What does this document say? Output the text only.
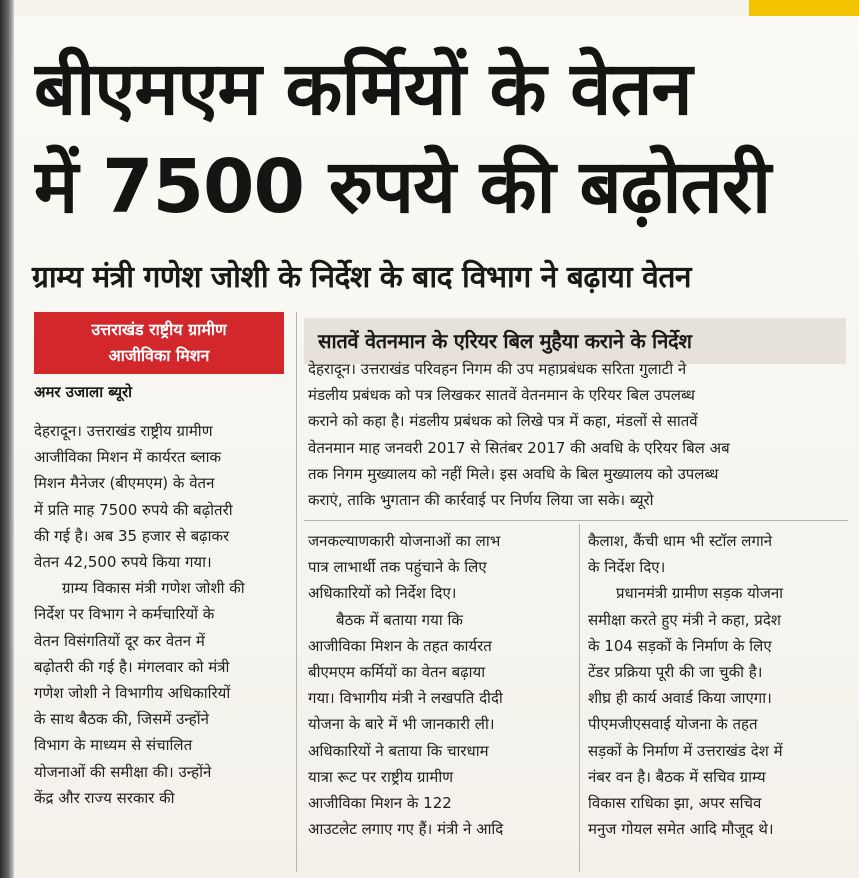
बीएमएम कर्मियों के वेतन
में 7500 रुपये की बढ़ोतरी
ग्राम्य मंत्री गणेश जोशी के निर्देश के बाद विभाग ने बढ़ाया वेतन
उत्तराखंड राष्ट्रीय ग्रामीण
आजीविका मिशन
अमर उजाला ब्यूरो
सातवें वेतनमान के एरियर बिल मुहैया कराने के निर्देश
देहरादून। उत्तराखंड परिवहन निगम की उप महाप्रबंधक सरिता गुलाटी ने
मंडलीय प्रबंधक को पत्र लिखकर सातवें वेतनमान के एरियर बिल उपलब्ध
कराने को कहा है। मंडलीय प्रबंधक को लिखे पत्र में कहा, मंडलों से सातवें
वेतनमान माह जनवरी 2017 से सितंबर 2017 की अवधि के एरियर बिल अब
तक निगम मुख्यालय को नहीं मिले। इस अवधि के बिल मुख्यालय को उपलब्ध
कराएं, ताकि भुगतान की कार्रवाई पर निर्णय लिया जा सके। ब्यूरो
देहरादून। उत्तराखंड राष्ट्रीय ग्रामीण
आजीविका मिशन में कार्यरत ब्लाक
मिशन मैनेजर (बीएमएम) के वेतन
में प्रति माह 7500 रुपये की बढ़ोतरी
की गई है। अब 35 हजार से बढ़ाकर
वेतन 42,500 रुपये किया गया।
ग्राम्य विकास मंत्री गणेश जोशी की
निर्देश पर विभाग ने कर्मचारियों के
वेतन विसंगतियों दूर कर वेतन में
बढ़ोतरी की गई है। मंगलवार को मंत्री
गणेश जोशी ने विभागीय अधिकारियों
के साथ बैठक की, जिसमें उन्होंने
विभाग के माध्यम से संचालित
योजनाओं की समीक्षा की। उन्होंने
केंद्र और राज्य सरकार की
जनकल्याणकारी योजनाओं का लाभ
पात्र लाभार्थी तक पहुंचाने के लिए
अधिकारियों को निर्देश दिए।
बैठक में बताया गया कि
आजीविका मिशन के तहत कार्यरत
बीएमएम कर्मियों का वेतन बढ़ाया
गया। विभागीय मंत्री ने लखपति दीदी
योजना के बारे में भी जानकारी ली।
अधिकारियों ने बताया कि चारधाम
यात्रा रूट पर राष्ट्रीय ग्रामीण
आजीविका मिशन के 122
आउटलेट लगाए गए हैं। मंत्री ने आदि
कैलाश, कैंची धाम भी स्टॉल लगाने
के निर्देश दिए।
प्रधानमंत्री ग्रामीण सड़क योजना
समीक्षा करते हुए मंत्री ने कहा, प्रदेश
के 104 सड़कों के निर्माण के लिए
टेंडर प्रक्रिया पूरी की जा चुकी है।
शीघ्र ही कार्य अवार्ड किया जाएगा।
पीएमजीएसवाई योजना के तहत
सड़कों के निर्माण में उत्तराखंड देश में
नंबर वन है। बैठक में सचिव ग्राम्य
विकास राधिका झा, अपर सचिव
मनुज गोयल समेत आदि मौजूद थे।
